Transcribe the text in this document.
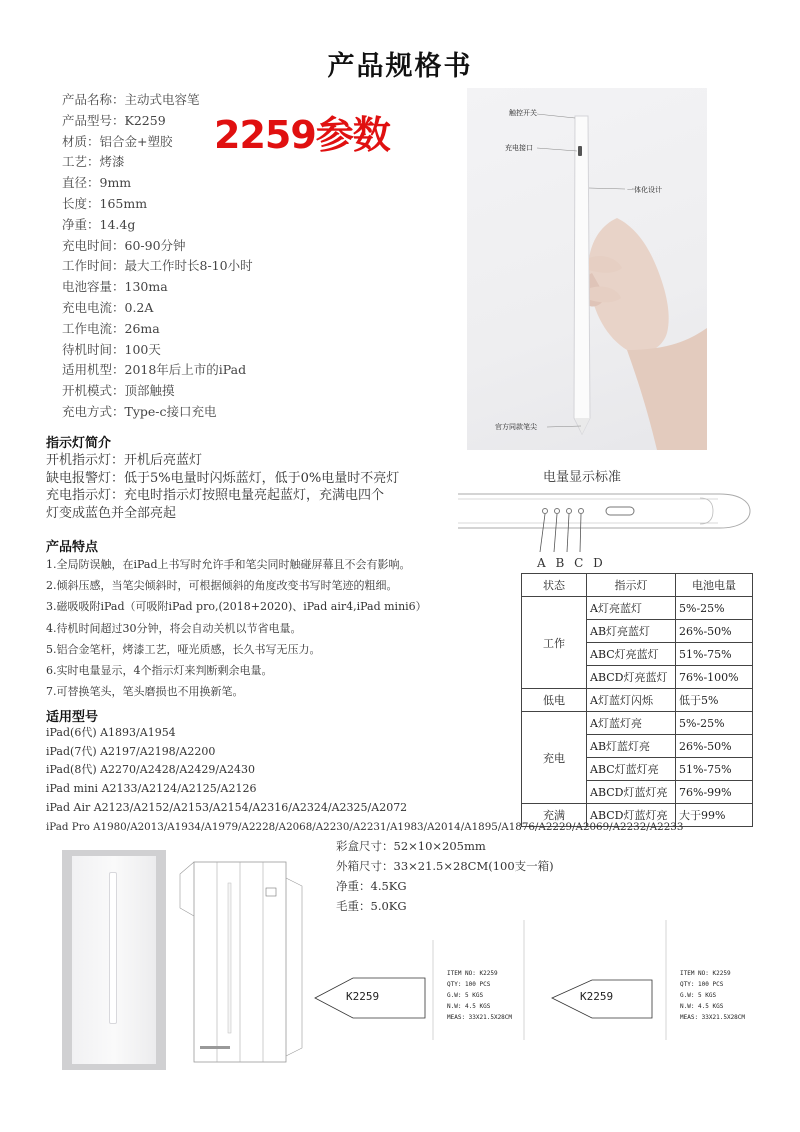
产品规格书
产品名称：主动式电容笔
产品型号：K2259
材质：铝合金+塑胶
工艺：烤漆
直径：9mm
长度：165mm
净重：14.4g
充电时间：60-90分钟
工作时间：最大工作时长8-10小时
电池容量：130ma
充电电流：0.2A
工作电流：26ma
待机时间：100天
适用机型：2018年后上市的iPad
开机模式：顶部触摸
充电方式：Type-c接口充电
2259参数	触控开关
充电接口
一体化设计
官方同款笔尖
指示灯简介
开机指示灯：开机后亮蓝灯
缺电报警灯：低于5%电量时闪烁蓝灯，低于0%电量时不亮灯
充电指示灯：充电时指示灯按照电量亮起蓝灯，充满电四个
灯变成蓝色并全部亮起
电量显示标准
A B C D
产品特点
1.全局防误触，在iPad上书写时允许手和笔尖同时触碰屏幕且不会有影响。
2.倾斜压感，当笔尖倾斜时，可根据倾斜的角度改变书写时笔迹的粗细。
3.磁吸吸附iPad（可吸附iPad pro,(2018+2020)、iPad air4,iPad mini6）
4.待机时间超过30分钟，将会自动关机以节省电量。
5.铝合金笔杆，烤漆工艺，哑光质感，长久书写无压力。
6.实时电量显示，4个指示灯来判断剩余电量。
7.可替换笔头，笔头磨损也不用换新笔。
状态	指示灯	电池电量
工作	A灯亮蓝灯	5%-25%
	AB灯亮蓝灯	26%-50%
	ABC灯亮蓝灯	51%-75%
	ABCD灯亮蓝灯	76%-100%
低电	A灯蓝灯闪烁	低于5%
充电	A灯蓝灯亮	5%-25%
	AB灯蓝灯亮	26%-50%
	ABC灯蓝灯亮	51%-75%
	ABCD灯蓝灯亮	76%-99%
充满	ABCD灯蓝灯亮	大于99%
适用型号
iPad(6代) A1893/A1954
iPad(7代) A2197/A2198/A2200
iPad(8代) A2270/A2428/A2429/A2430
iPad mini A2133/A2124/A2125/A2126
iPad Air A2123/A2152/A2153/A2154/A2316/A2324/A2325/A2072
iPad Pro A1980/A2013/A1934/A1979/A2228/A2068/A2230/A2231/A1983/A2014/A1895/A1876/A2229/A2069/A2232/A2233
彩盒尺寸：52×10×205mm
外箱尺寸：33×21.5×28CM(100支一箱)
净重：4.5KG
毛重：5.0KG
K2259
ITEM NO: K2259
QTY: 100 PCS
G.W: 5 KGS
N.W: 4.5 KGS
MEAS: 33X21.5X28CM
K2259
ITEM NO: K2259
QTY: 100 PCS
G.W: 5 KGS
N.W: 4.5 KGS
MEAS: 33X21.5X28CM
